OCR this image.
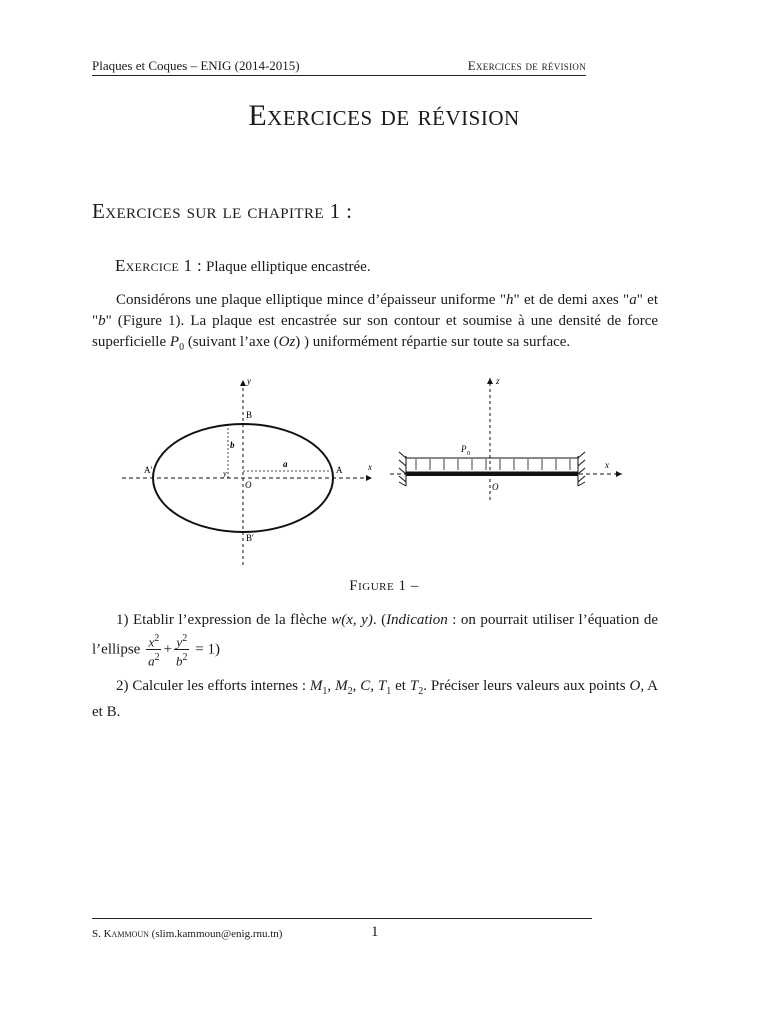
Plaques et Coques – ENIG (2014-2015)	Exercices de révision
Exercices de révision
Exercices sur le chapitre 1 :
Exercice 1 : Plaque elliptique encastrée.
Considérons une plaque elliptique mince d’épaisseur uniforme "h" et de demi axes "a" et "b" (Figure 1). La plaque est encastrée sur son contour et soumise à une densité de force superficielle $P_0$ (suivant l’axe (Oz) ) uniformément répartie sur toute sa surface.
y
x
B
B'
A
A'
b
a
y
O
z
x
P 0
O
Figure 1 –
1) Etablir l’expression de la flèche w(x, y). (Indication : on pourrait utiliser l’équation de l’ellipse $\frac{x^2}{a^2} + \frac{y^2}{b^2} = 1$)
2) Calculer les efforts internes : $M_1$, $M_2$, C, $T_1$ et $T_2$. Préciser leurs valeurs aux points O, A et B.
S. Kammoun (slim.kammoun@enig.rnu.tn)	1
